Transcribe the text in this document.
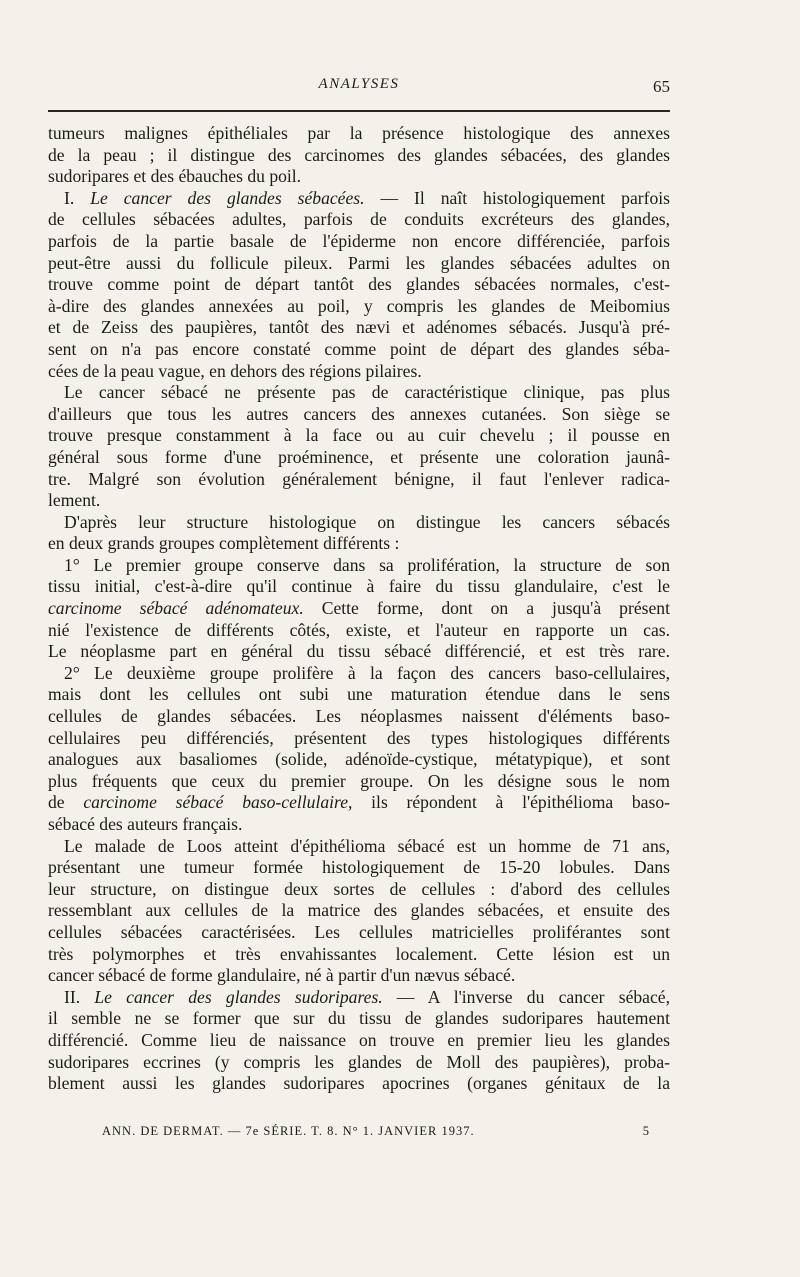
ANALYSES	65
tumeurs malignes épithéliales par la présence histologique des annexes
de la peau ; il distingue des carcinomes des glandes sébacées, des glandes
sudoripares et des ébauches du poil.
I. Le cancer des glandes sébacées. — Il naît histologiquement parfois
de cellules sébacées adultes, parfois de conduits excréteurs des glandes,
parfois de la partie basale de l'épiderme non encore différenciée, parfois
peut-être aussi du follicule pileux. Parmi les glandes sébacées adultes on
trouve comme point de départ tantôt des glandes sébacées normales, c'est-
à-dire des glandes annexées au poil, y compris les glandes de Meibomius
et de Zeiss des paupières, tantôt des nævi et adénomes sébacés. Jusqu'à pré-
sent on n'a pas encore constaté comme point de départ des glandes séba-
cées de la peau vague, en dehors des régions pilaires.
Le cancer sébacé ne présente pas de caractéristique clinique, pas plus
d'ailleurs que tous les autres cancers des annexes cutanées. Son siège se
trouve presque constamment à la face ou au cuir chevelu ; il pousse en
général sous forme d'une proéminence, et présente une coloration jaunâ-
tre. Malgré son évolution généralement bénigne, il faut l'enlever radica-
lement.
D'après leur structure histologique on distingue les cancers sébacés
en deux grands groupes complètement différents :
1° Le premier groupe conserve dans sa prolifération, la structure de son
tissu initial, c'est-à-dire qu'il continue à faire du tissu glandulaire, c'est le
carcinome sébacé adénomateux. Cette forme, dont on a jusqu'à présent
nié l'existence de différents côtés, existe, et l'auteur en rapporte un cas.
Le néoplasme part en général du tissu sébacé différencié, et est très rare.
2° Le deuxième groupe prolifère à la façon des cancers baso-cellulaires,
mais dont les cellules ont subi une maturation étendue dans le sens
cellules de glandes sébacées. Les néoplasmes naissent d'éléments baso-
cellulaires peu différenciés, présentent des types histologiques différents
analogues aux basaliomes (solide, adénoïde-cystique, métatypique), et sont
plus fréquents que ceux du premier groupe. On les désigne sous le nom
de carcinome sébacé baso-cellulaire, ils répondent à l'épithélioma baso-
sébacé des auteurs français.
Le malade de Loos atteint d'épithélioma sébacé est un homme de 71 ans,
présentant une tumeur formée histologiquement de 15-20 lobules. Dans
leur structure, on distingue deux sortes de cellules : d'abord des cellules
ressemblant aux cellules de la matrice des glandes sébacées, et ensuite des
cellules sébacées caractérisées. Les cellules matricielles proliférantes sont
très polymorphes et très envahissantes localement. Cette lésion est un
cancer sébacé de forme glandulaire, né à partir d'un nævus sébacé.
II. Le cancer des glandes sudoripares. — A l'inverse du cancer sébacé,
il semble ne se former que sur du tissu de glandes sudoripares hautement
différencié. Comme lieu de naissance on trouve en premier lieu les glandes
sudoripares eccrines (y compris les glandes de Moll des paupières), proba-
blement aussi les glandes sudoripares apocrines (organes génitaux de la
ANN. DE DERMAT. — 7e SÉRIE. T. 8. N° 1. JANVIER 1937.	5
